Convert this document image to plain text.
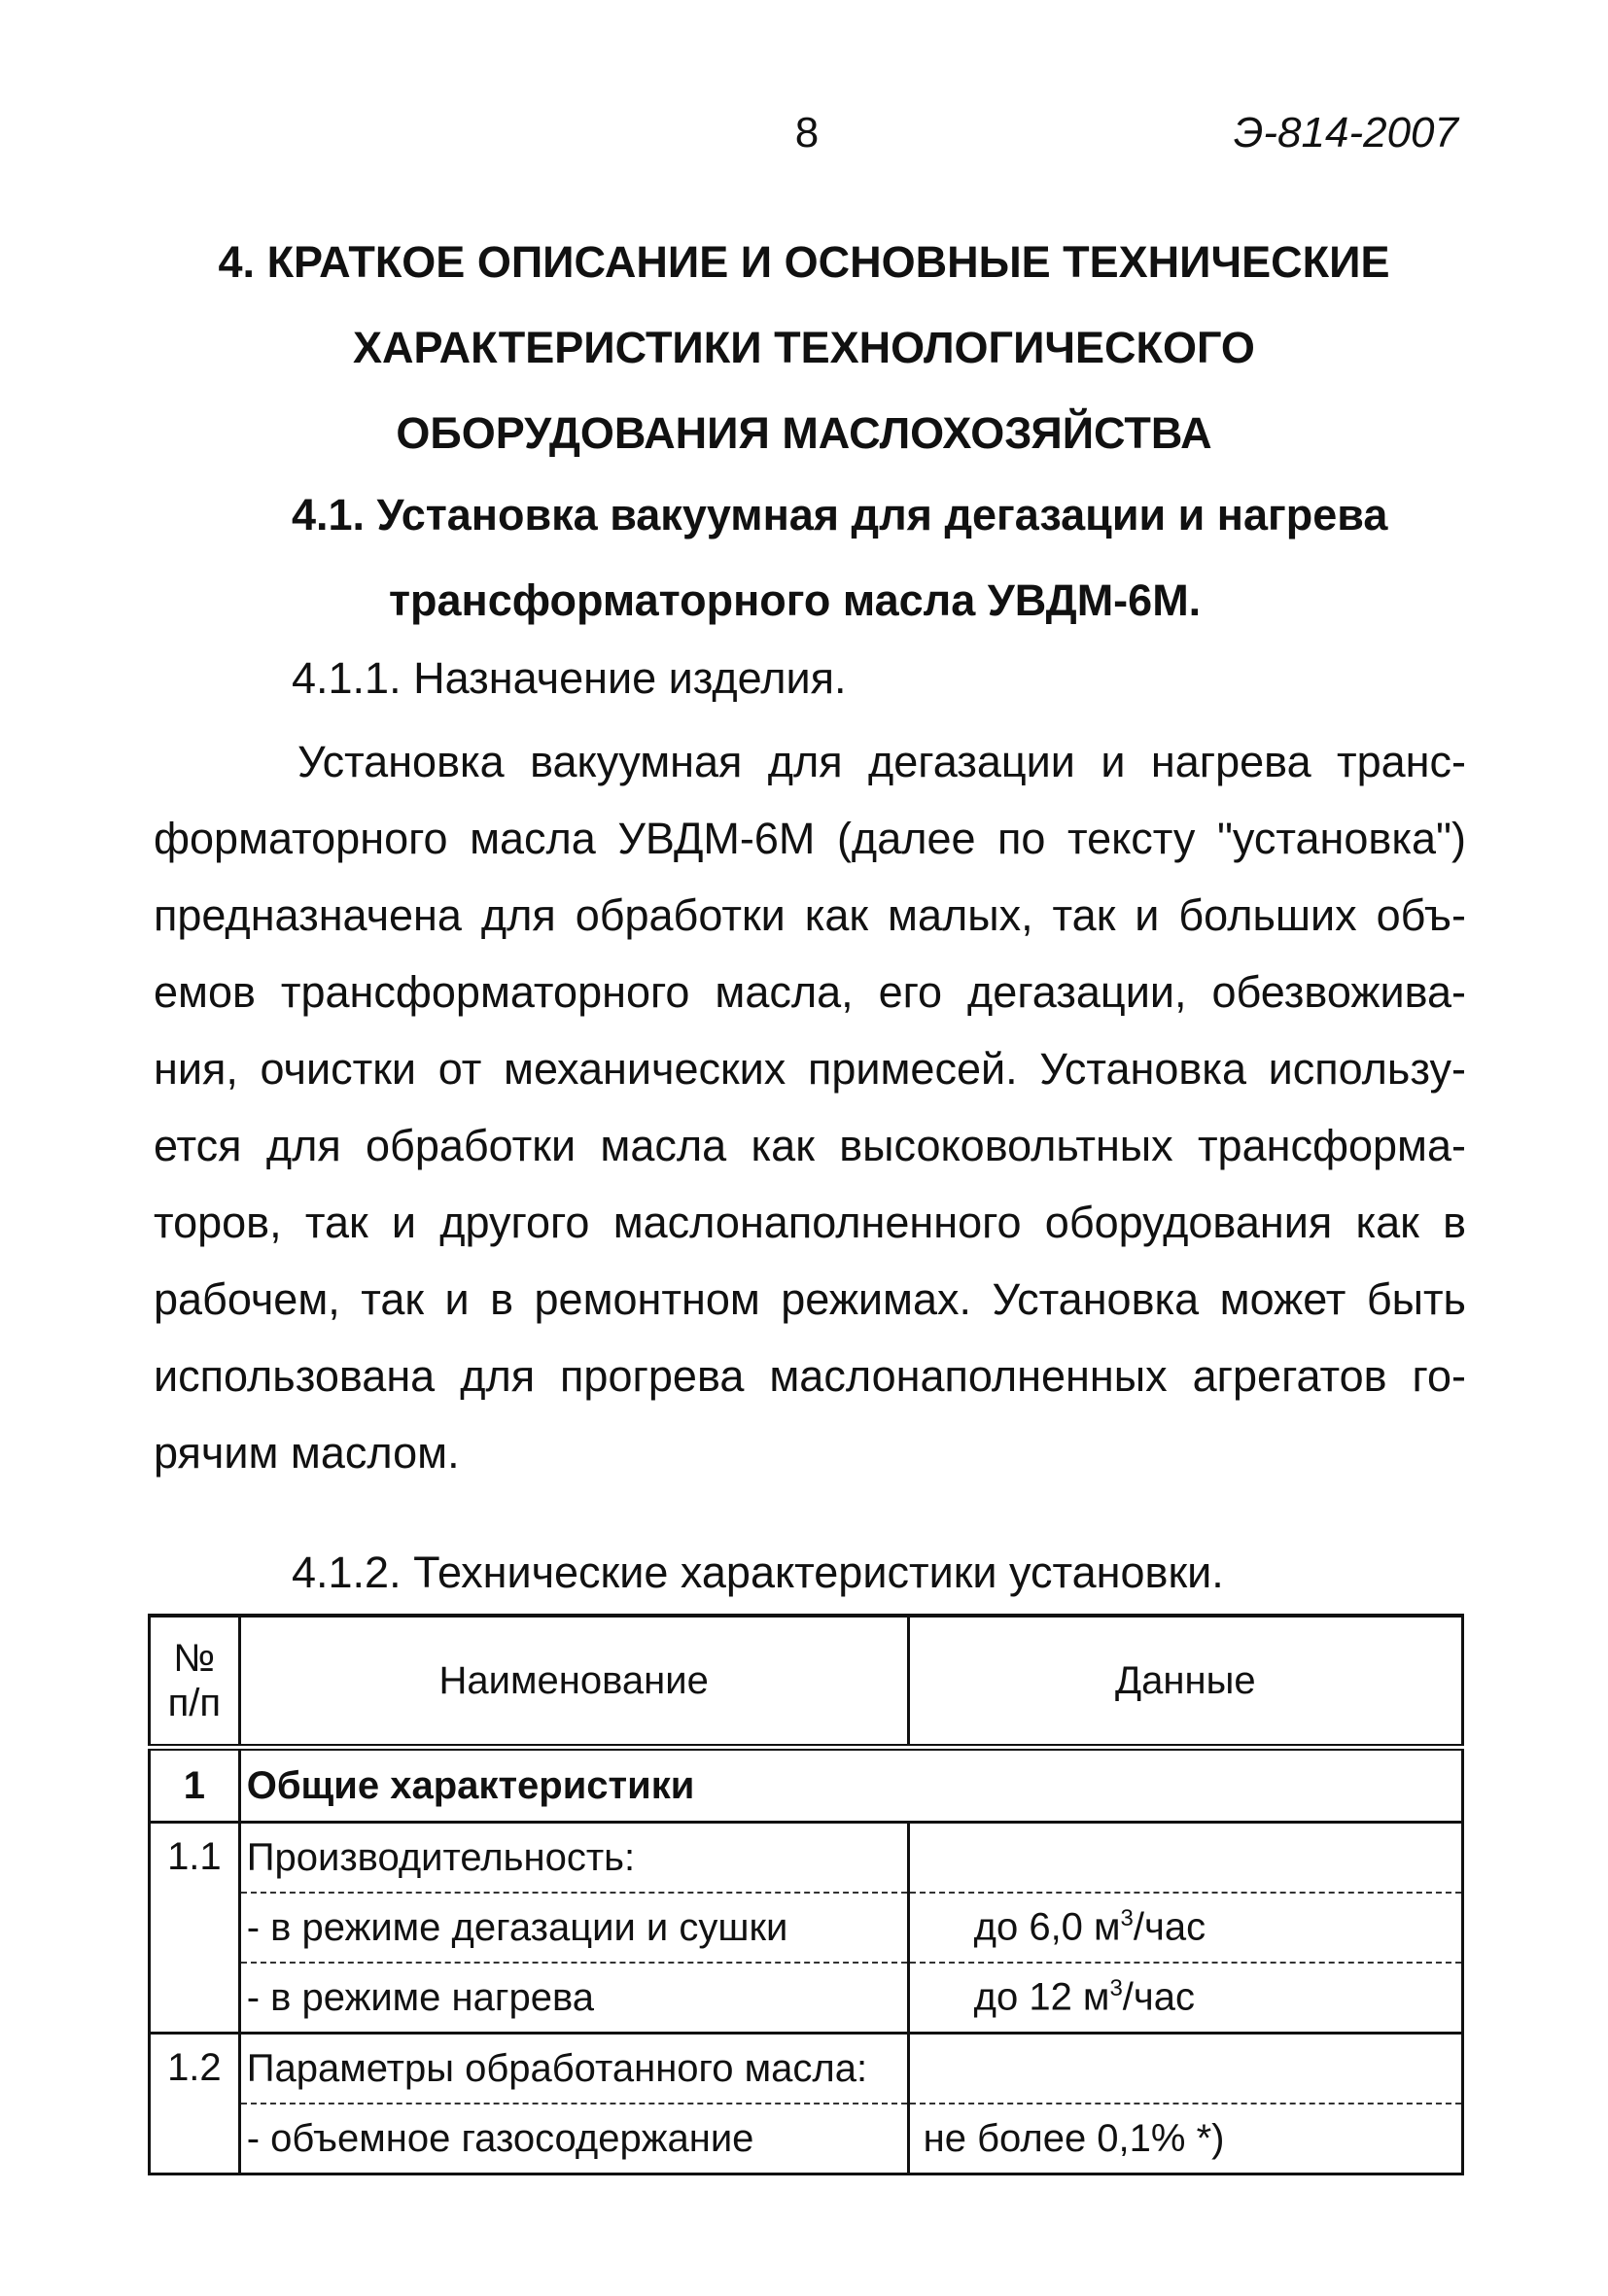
8	Э-814-2007
4. КРАТКОЕ ОПИСАНИЕ И ОСНОВНЫЕ ТЕХНИЧЕСКИЕ
ХАРАКТЕРИСТИКИ ТЕХНОЛОГИЧЕСКОГО
ОБОРУДОВАНИЯ МАСЛОХОЗЯЙСТВА
4.1. Установка вакуумная для дегазации и нагрева
трансформаторного масла УВДМ-6М.
4.1.1. Назначение изделия.
Установка вакуумная для дегазации и нагрева транс-
форматорного масла УВДМ-6М (далее по тексту "установка")
предназначена для обработки как малых, так и больших объ-
емов трансформаторного масла, его дегазации, обезвожива-
ния, очистки от механических примесей. Установка использу-
ется для обработки масла как высоковольтных трансформа-
торов, так и другого маслонаполненного оборудования как в
рабочем, так и в ремонтном режимах. Установка может быть
использована для прогрева маслонаполненных агрегатов го-
рячим маслом.
4.1.2. Технические характеристики установки.
№
п/п	Наименование	Данные
1	Общие характеристики	
1.1	Производительность:	
	- в режиме дегазации и сушки	до 6,0 $м^3$/час
	- в режиме нагрева	до 12 $м^3$/час
1.2	Параметры обработанного масла:	
	- объемное газосодержание	не более 0,1% *)
